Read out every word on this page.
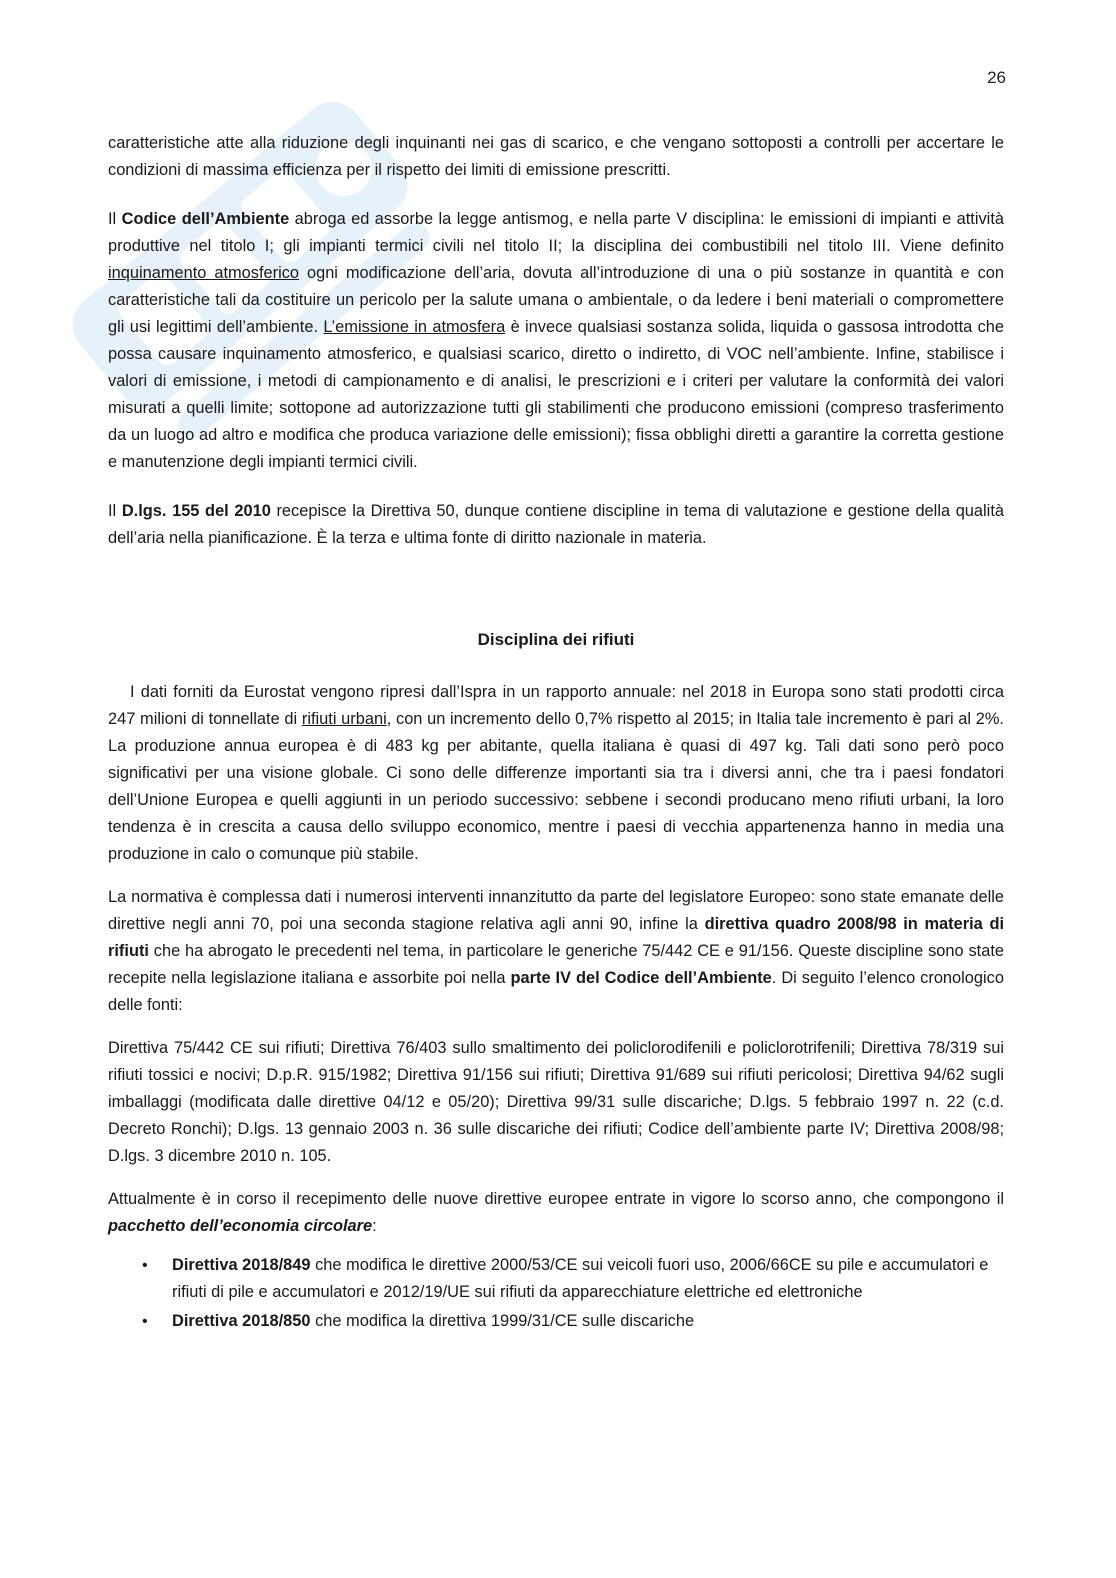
26

caratteristiche atte alla riduzione degli inquinanti nei gas di scarico, e che vengano sottoposti a controlli per accertare le condizioni di massima efficienza per il rispetto dei limiti di emissione prescritti.

Il Codice dell’Ambiente abroga ed assorbe la legge antismog, e nella parte V disciplina: le emissioni di impianti e attività produttive nel titolo I; gli impianti termici civili nel titolo II; la disciplina dei combustibili nel titolo III. Viene definito inquinamento atmosferico ogni modificazione dell’aria, dovuta all’introduzione di una o più sostanze in quantità e con caratteristiche tali da costituire un pericolo per la salute umana o ambientale, o da ledere i beni materiali o compromettere gli usi legittimi dell’ambiente. L’emissione in atmosfera è invece qualsiasi sostanza solida, liquida o gassosa introdotta che possa causare inquinamento atmosferico, e qualsiasi scarico, diretto o indiretto, di VOC nell’ambiente. Infine, stabilisce i valori di emissione, i metodi di campionamento e di analisi, le prescrizioni e i criteri per valutare la conformità dei valori misurati a quelli limite; sottopone ad autorizzazione tutti gli stabilimenti che producono emissioni (compreso trasferimento da un luogo ad altro e modifica che produca variazione delle emissioni); fissa obblighi diretti a garantire la corretta gestione e manutenzione degli impianti termici civili.

Il D.lgs. 155 del 2010 recepisce la Direttiva 50, dunque contiene discipline in tema di valutazione e gestione della qualità dell’aria nella pianificazione. È la terza e ultima fonte di diritto nazionale in materia.

Disciplina dei rifiuti

I dati forniti da Eurostat vengono ripresi dall’Ispra in un rapporto annuale: nel 2018 in Europa sono stati prodotti circa 247 milioni di tonnellate di rifiuti urbani, con un incremento dello 0,7% rispetto al 2015; in Italia tale incremento è pari al 2%. La produzione annua europea è di 483 kg per abitante, quella italiana è quasi di 497 kg. Tali dati sono però poco significativi per una visione globale. Ci sono delle differenze importanti sia tra i diversi anni, che tra i paesi fondatori dell’Unione Europea e quelli aggiunti in un periodo successivo: sebbene i secondi producano meno rifiuti urbani, la loro tendenza è in crescita a causa dello sviluppo economico, mentre i paesi di vecchia appartenenza hanno in media una produzione in calo o comunque più stabile.

La normativa è complessa dati i numerosi interventi innanzitutto da parte del legislatore Europeo: sono state emanate delle direttive negli anni 70, poi una seconda stagione relativa agli anni 90, infine la direttiva quadro 2008/98 in materia di rifiuti che ha abrogato le precedenti nel tema, in particolare le generiche 75/442 CE e 91/156. Queste discipline sono state recepite nella legislazione italiana e assorbite poi nella parte IV del Codice dell’Ambiente. Di seguito l’elenco cronologico delle fonti:

Direttiva 75/442 CE sui rifiuti; Direttiva 76/403 sullo smaltimento dei policlorodifenili e policlorotrifenili; Direttiva 78/319 sui rifiuti tossici e nocivi; D.p.R. 915/1982; Direttiva 91/156 sui rifiuti; Direttiva 91/689 sui rifiuti pericolosi; Direttiva 94/62 sugli imballaggi (modificata dalle direttive 04/12 e 05/20); Direttiva 99/31 sulle discariche; D.lgs. 5 febbraio 1997 n. 22 (c.d. Decreto Ronchi); D.lgs. 13 gennaio 2003 n. 36 sulle discariche dei rifiuti; Codice dell’ambiente parte IV; Direttiva 2008/98; D.lgs. 3 dicembre 2010 n. 105.

Attualmente è in corso il recepimento delle nuove direttive europee entrate in vigore lo scorso anno, che compongono il pacchetto dell’economia circolare:

• Direttiva 2018/849 che modifica le direttive 2000/53/CE sui veicoli fuori uso, 2006/66CE su pile e accumulatori e rifiuti di pile e accumulatori e 2012/19/UE sui rifiuti da apparecchiature elettriche ed elettroniche
• Direttiva 2018/850 che modifica la direttiva 1999/31/CE sulle discariche
